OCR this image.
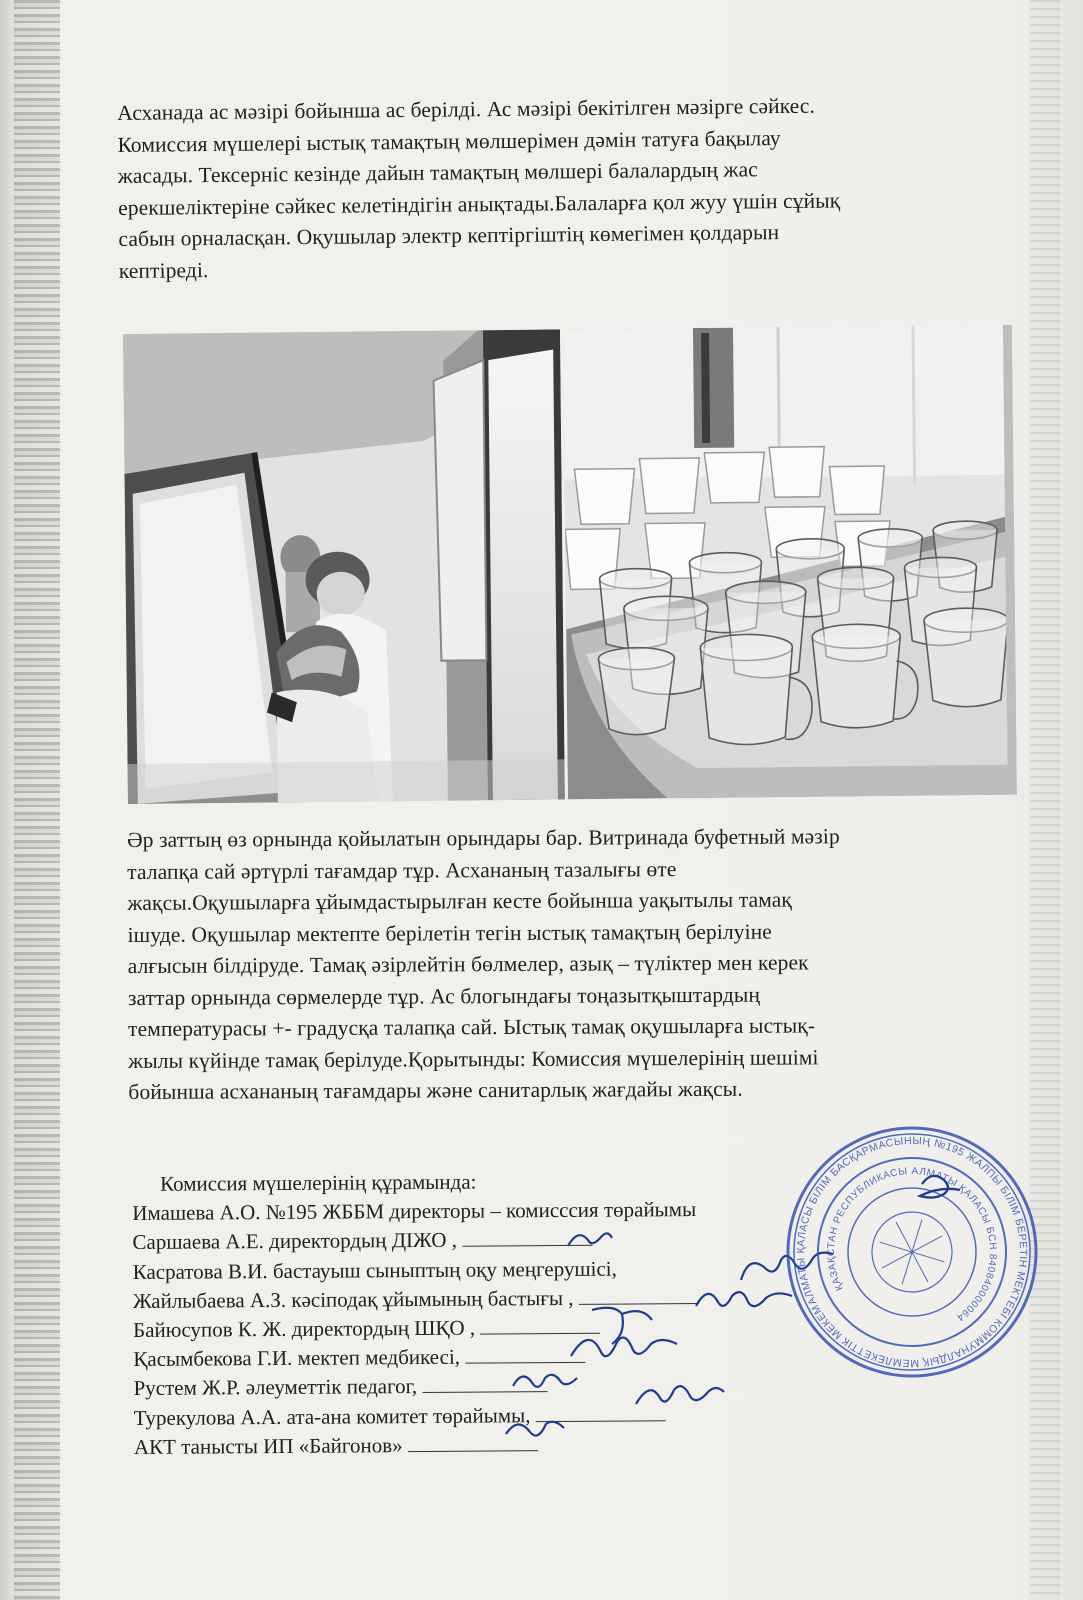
Асханада ас мәзірі бойынша ас берілді. Ас мәзірі бекітілген мәзірге сәйкес.
Комиссия мүшелері ыстық тамақтың мөлшерімен дәмін татуға бақылау
жасады. Тексерніс кезінде дайын тамақтың мөлшері балалардың жас
ерекшеліктеріне сәйкес келетіндігін анықтады.Балаларға қол жуу үшін сұйық
сабын орналасқан. Оқушылар электр кептіргіштің көмегімен қолдарын
кептіреді.
Әр заттың өз орнында қойылатын орындары бар. Витринада буфетный мәзір
талапқа сай әртүрлі тағамдар тұр. Асхананың тазалығы өте
жақсы.Оқушыларға ұйымдастырылған кесте бойынша уақытылы тамақ
ішуде. Оқушылар мектепте берілетін тегін ыстық тамақтың берілуіне
алғысын білдіруде. Тамақ әзірлейтін бөлмелер, азық – түліктер мен керек
заттар орнында сөрмелерде тұр. Ас блогындағы тоңазытқыштардың
температурасы +- градусқа талапқа сай. Ыстық тамақ оқушыларға ыстық-
жылы күйінде тамақ берілуде.Қорытынды: Комиссия мүшелерінің шешімі
бойынша асхананың тағамдары және санитарлық жағдайы жақсы.
Комиссия мүшелерінің құрамында:
Имашева А.О. №195 ЖББМ директоры – комисссия төрайымы
Саршаева А.Е. директордың ДІЖО ,
Касратова В.И. бастауыш сыныптың оқу меңгерушісі,
Жайлыбаева А.З. кәсіподақ ұйымының бастығы ,
Байюсупов К. Ж. директордың ШҚО ,
Қасымбекова Г.И. мектеп медбикесі,
Рустем Ж.Р. әлеуметтік педагог,
Турекулова А.А. ата-ана комитет төрайымы,
АКТ таныcты ИП «Байгонов»
АЛМАТЫ ҚАЛАСЫ БІЛІМ БАСҚАРМАСЫНЫҢ №195 ЖАЛПЫ БІЛІМ БЕРЕТІН МЕКТЕБІ КОММУНАЛДЫҚ МЕМЛЕКЕТТІК МЕКЕМЕСІ
ҚАЗАҚСТАН РЕСПУБЛИКАСЫ АЛМАТЫ ҚАЛАСЫ БСН 840840000064
